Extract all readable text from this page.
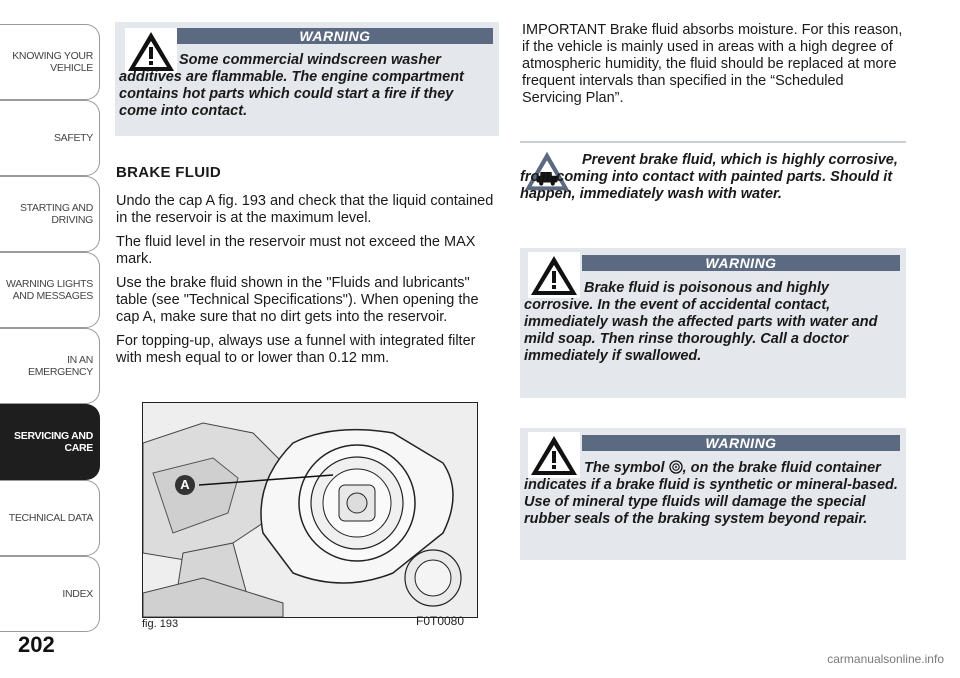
KNOWING YOUR
VEHICLE
SAFETY
STARTING AND
DRIVING
WARNING LIGHTS
AND MESSAGES
IN AN EMERGENCY
SERVICING AND
CARE
TECHNICAL DATA
INDEX
202
WARNING
Some commercial windscreen washer additives are flammable. The engine compartment contains hot parts which could start a fire if they come into contact.
BRAKE FLUID

Undo the cap A fig. 193 and check that the liquid contained in the reservoir is at the maximum level.

The fluid level in the reservoir must not exceed the MAX mark.

Use the brake fluid shown in the "Fluids and lubricants" table (see "Technical Specifications"). When opening the cap A, make sure that no dirt gets into the reservoir.

For topping-up, always use a funnel with integrated filter with mesh equal to or lower than 0.12 mm.

A
fig. 193	F0T0080
IMPORTANT Brake fluid absorbs moisture. For this reason, if the vehicle is mainly used in areas with a high degree of atmospheric humidity, the fluid should be replaced at more frequent intervals than specified in the “Scheduled Servicing Plan”.
Prevent brake fluid, which is highly corrosive, from coming into contact with painted parts. Should it happen, immediately wash with water.
WARNING
Brake fluid is poisonous and highly corrosive. In the event of accidental contact, immediately wash the affected parts with water and mild soap. Then rinse thoroughly. Call a doctor immediately if swallowed.
WARNING
The symbol , on the brake fluid container indicates if a brake fluid is synthetic or mineral-based. Use of mineral type fluids will damage the special rubber seals of the braking system beyond repair.
carmanualsonline.info
